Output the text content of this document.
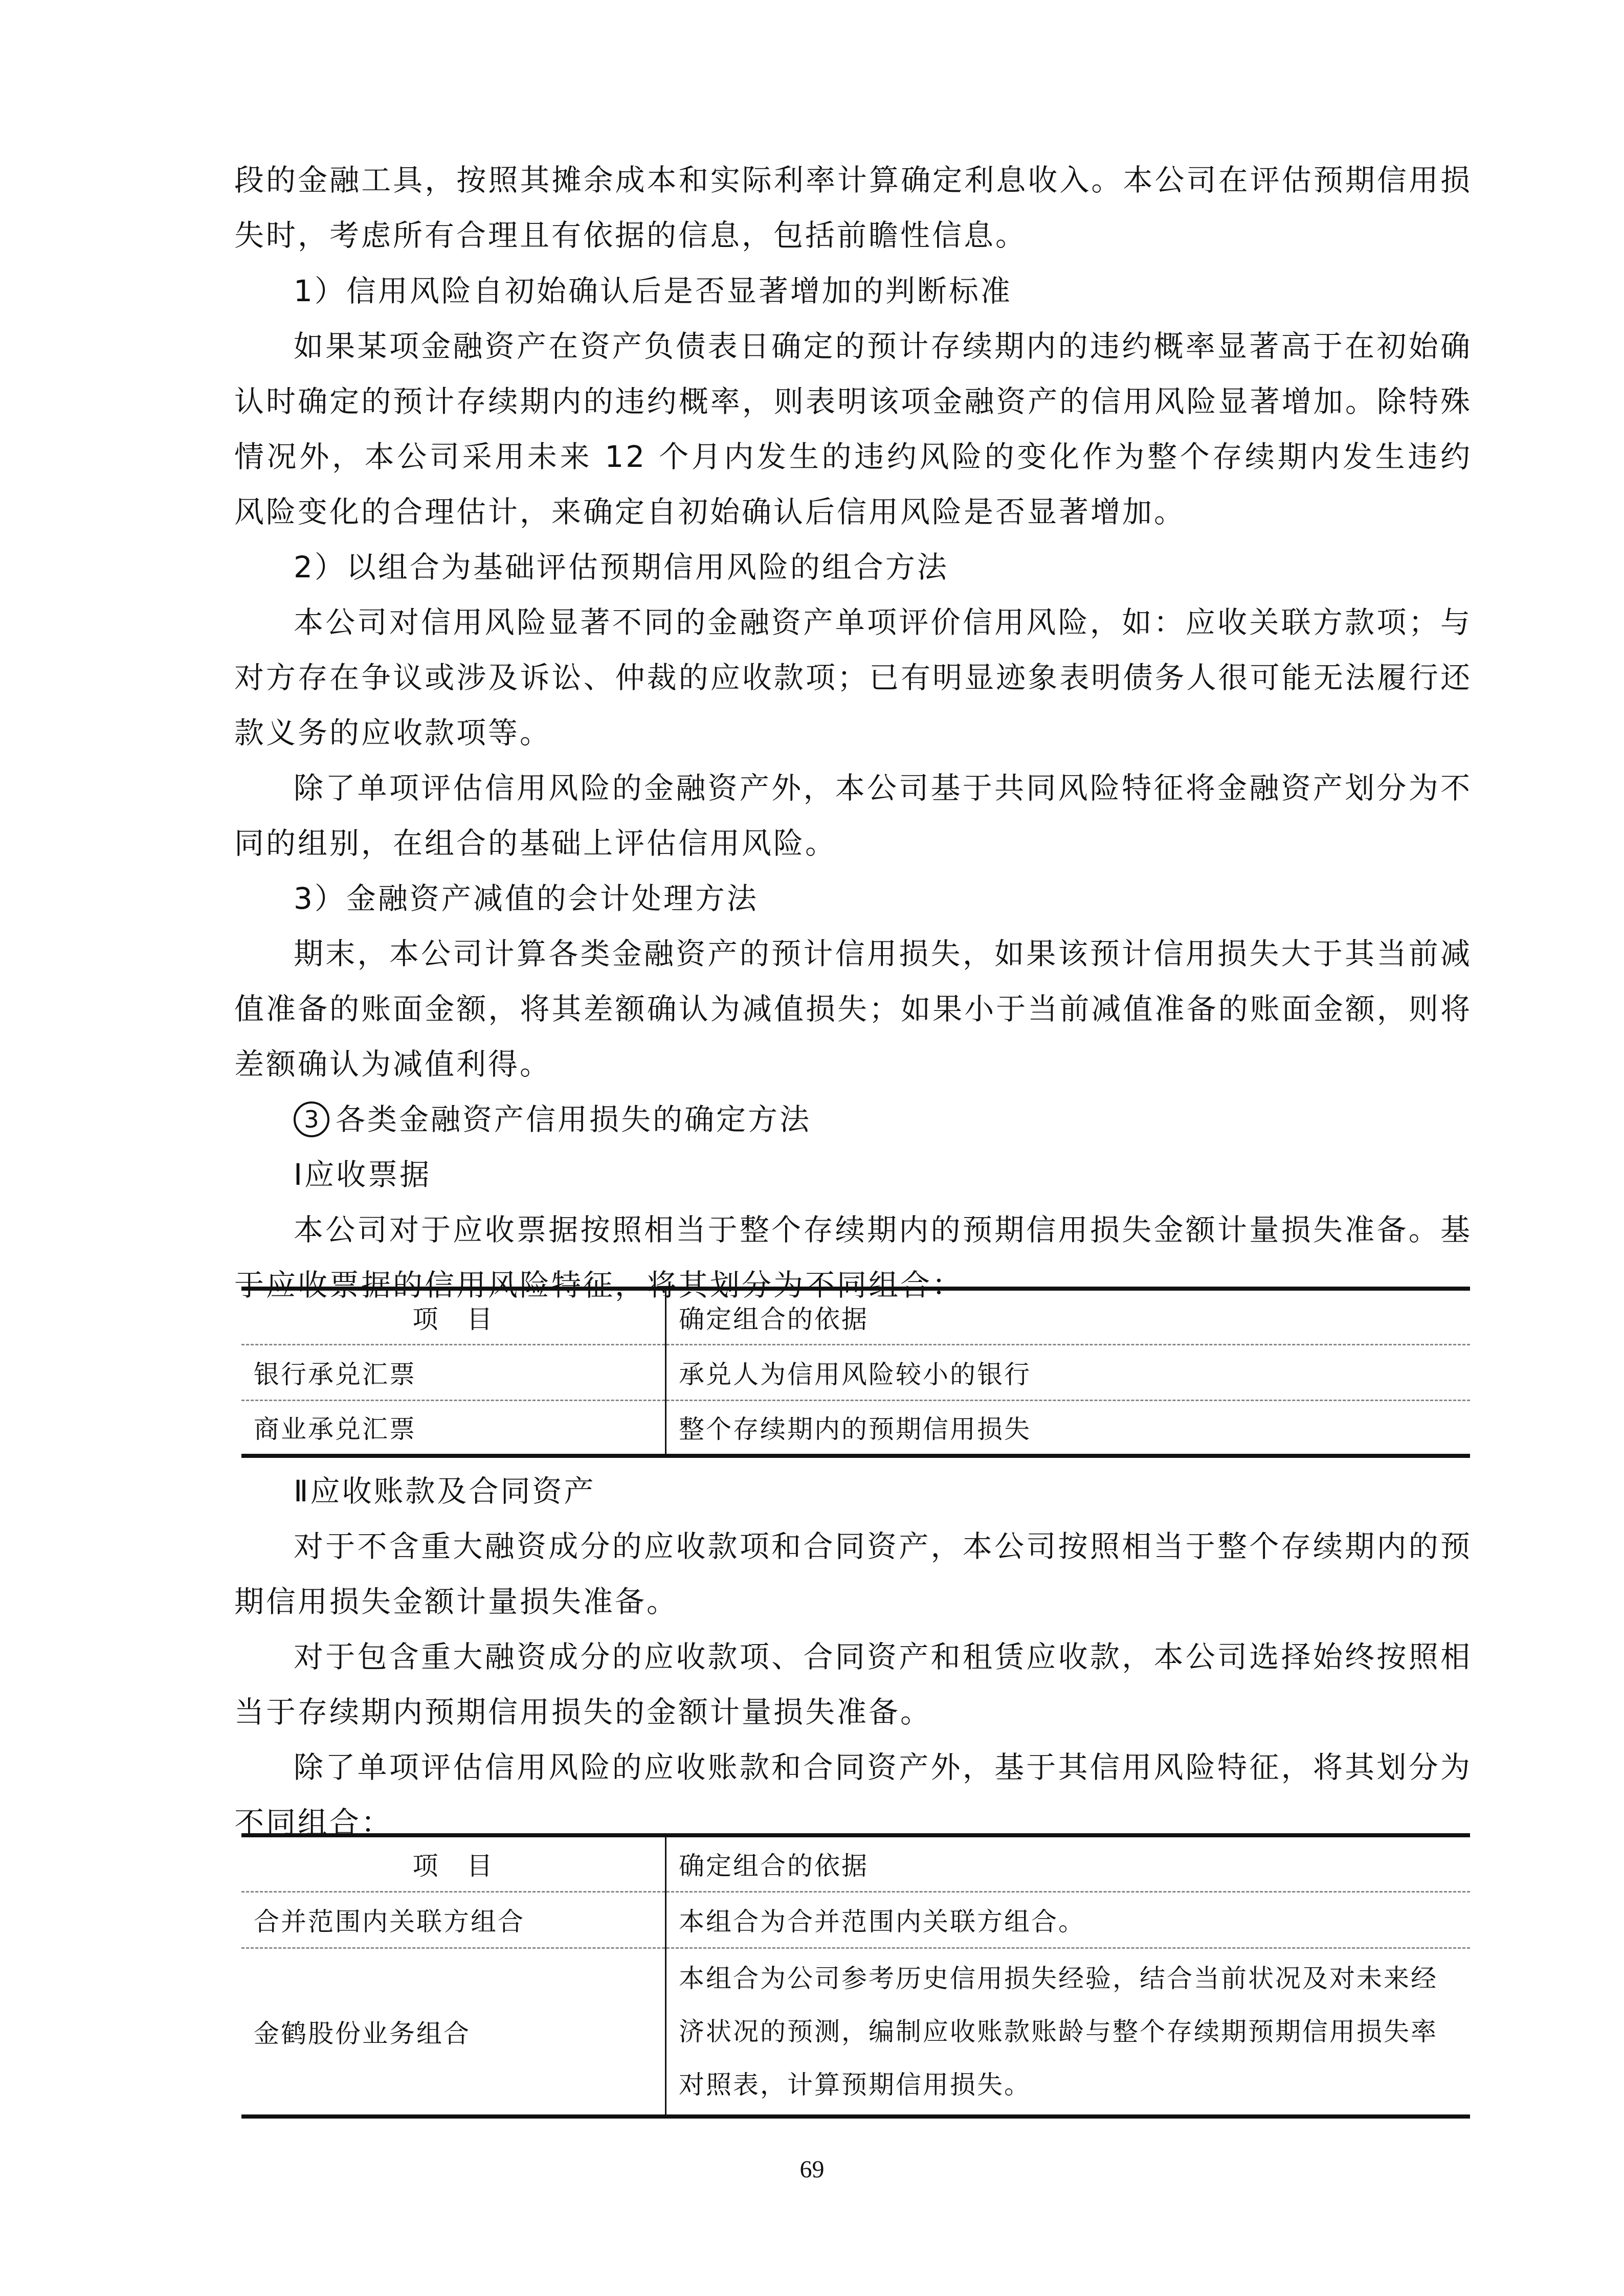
段的金融工具，按照其摊余成本和实际利率计算确定利息收入。本公司在评估预期信用损失时，考虑所有合理且有依据的信息，包括前瞻性信息。

1）信用风险自初始确认后是否显著增加的判断标准

如果某项金融资产在资产负债表日确定的预计存续期内的违约概率显著高于在初始确认时确定的预计存续期内的违约概率，则表明该项金融资产的信用风险显著增加。除特殊情况外，本公司采用未来 12 个月内发生的违约风险的变化作为整个存续期内发生违约风险变化的合理估计，来确定自初始确认后信用风险是否显著增加。

2）以组合为基础评估预期信用风险的组合方法

本公司对信用风险显著不同的金融资产单项评价信用风险，如：应收关联方款项；与对方存在争议或涉及诉讼、仲裁的应收款项；已有明显迹象表明债务人很可能无法履行还款义务的应收款项等。

除了单项评估信用风险的金融资产外，本公司基于共同风险特征将金融资产划分为不同的组别，在组合的基础上评估信用风险。

3）金融资产减值的会计处理方法

期末，本公司计算各类金融资产的预计信用损失，如果该预计信用损失大于其当前减值准备的账面金额，将其差额确认为减值损失；如果小于当前减值准备的账面金额，则将差额确认为减值利得。

3 各类金融资产信用损失的确定方法

Ⅰ应收票据

本公司对于应收票据按照相当于整个存续期内的预期信用损失金额计量损失准备。基于应收票据的信用风险特征，将其划分为不同组合：

项　目	确定组合的依据
银行承兑汇票	承兑人为信用风险较小的银行
商业承兑汇票	整个存续期内的预期信用损失

Ⅱ应收账款及合同资产

对于不含重大融资成分的应收款项和合同资产，本公司按照相当于整个存续期内的预期信用损失金额计量损失准备。

对于包含重大融资成分的应收款项、合同资产和租赁应收款，本公司选择始终按照相当于存续期内预期信用损失的金额计量损失准备。

除了单项评估信用风险的应收账款和合同资产外，基于其信用风险特征，将其划分为不同组合：

项　目	确定组合的依据
合并范围内关联方组合	本组合为合并范围内关联方组合。
金鹤股份业务组合	本组合为公司参考历史信用损失经验，结合当前状况及对未来经济状况的预测，编制应收账款账龄与整个存续期预期信用损失率对照表，计算预期信用损失。
69
